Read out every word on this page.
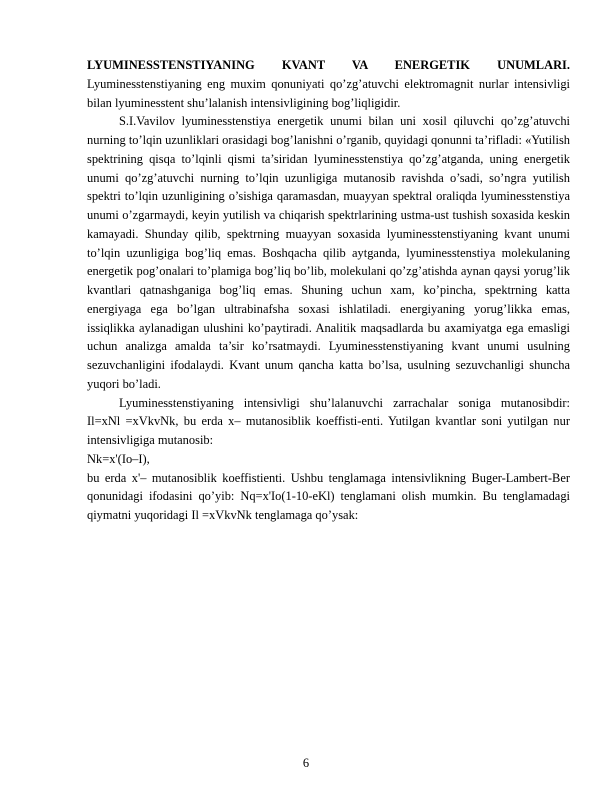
LYUMINESSTENSTIYANING KVANT VA ENERGETIK UNUMLARI. Lyuminesstenstiyaning eng muxim qonuniyati qo’zg’atuvchi elektromagnit nurlar intensivligi bilan lyuminesstent shu’lalanish intensivligining bog’liqligidir.

S.I.Vavilov lyuminesstenstiya energetik unumi bilan uni xosil qiluvchi qo’zg’atuvchi nurning to’lqin uzunliklari orasidagi bog’lanishni o’rganib, quyidagi qonunni ta’rifladi: «Yutilish spektrining qisqa to’lqinli qismi ta’siridan lyuminesstenstiya qo’zg’atganda, uning energetik unumi qo’zg’atuvchi nurning to’lqin uzunligiga mutanosib ravishda o’sadi, so’ngra yutilish spektri to’lqin uzunligining o’sishiga qaramasdan, muayyan spektral oraliqda lyuminesstenstiya unumi o’zgarmaydi, keyin yutilish va chiqarish spektrlarining ustma-ust tushish soxasida keskin kamayadi. Shunday qilib, spektrning muayyan soxasida lyuminesstenstiyaning kvant unumi to’lqin uzunligiga bog’liq emas. Boshqacha qilib aytganda, lyuminesstenstiya molekulaning energetik pog’onalari to’plamiga bog’liq bo’lib, molekulani qo’zg’atishda aynan qaysi yorug’lik kvantlari qatnashganiga bog’liq emas. Shuning uchun xam, ko’pincha, spektrning katta energiyaga ega bo’lgan ultrabinafsha soxasi ishlatiladi. energiyaning yorug’likka emas, issiqlikka aylanadigan ulushini ko’paytiradi. Analitik maqsadlarda bu axamiyatga ega emasligi uchun analizga amalda ta’sir ko’rsatmaydi. Lyuminesstenstiyaning kvant unumi usulning sezuvchanligini ifodalaydi. Kvant unum qancha katta bo’lsa, usulning sezuvchanligi shuncha yuqori bo’ladi.

Lyuminesstenstiyaning intensivligi shu’lalanuvchi zarrachalar soniga mutanosibdir: Il=xNl =xVkvNk, bu erda x– mutanosiblik koeffisti-enti. Yutilgan kvantlar soni yutilgan nur intensivligiga mutanosib:

Nk=x'(Io–I),

bu erda x'– mutanosiblik koeffistienti. Ushbu tenglamaga intensivlikning Buger-Lambert-Ber qonunidagi ifodasini qo’yib: Nq=x'Io(1-10-eKl) tenglamani olish mumkin. Bu tenglamadagi qiymatni yuqoridagi Il =xVkvNk tenglamaga qo’ysak:

6
